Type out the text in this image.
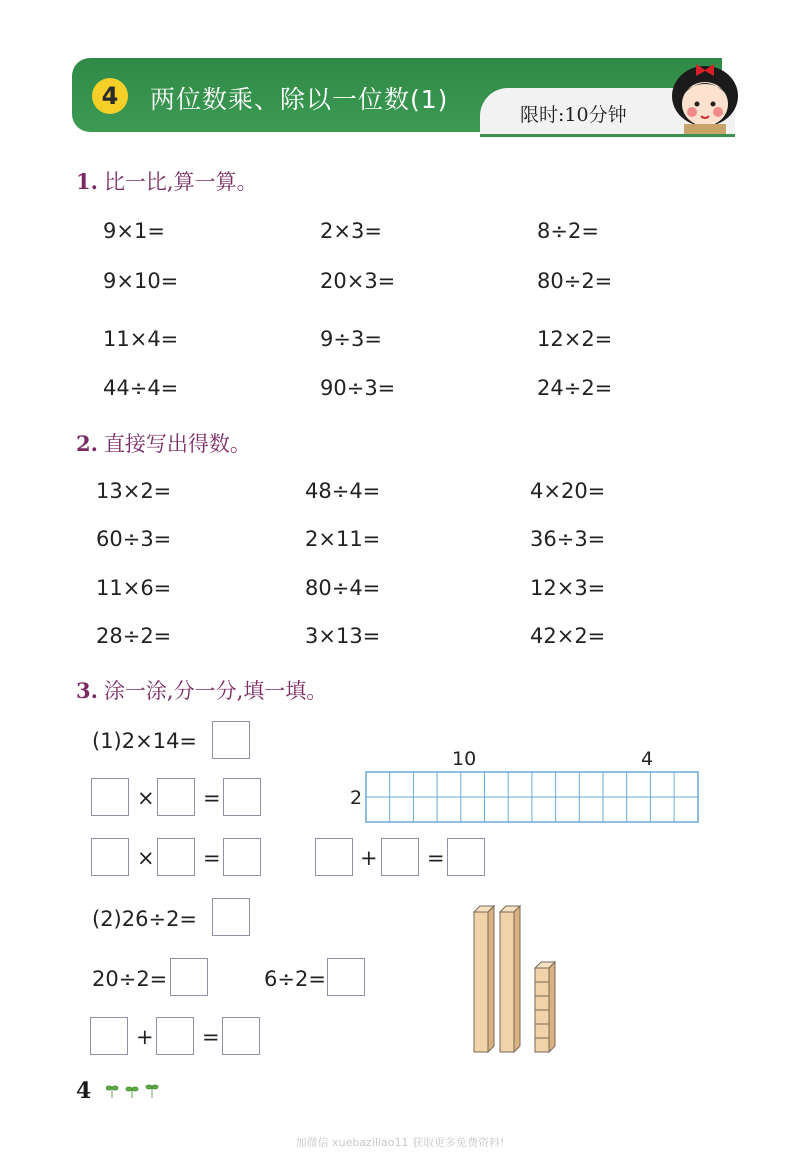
4	两位数乘、除以一位数(1)
限时:10分钟
1. 比一比,算一算。
9×1=	2×3=	8÷2=
9×10=	20×3=	80÷2=
11×4=	9÷3=	12×2=
44÷4=	90÷3=	24÷2=
2. 直接写出得数。
13×2=	48÷4=	4×20=
60÷3=	2×11=	36÷3=
11×6=	80÷4=	12×3=
28÷2=	3×13=	42×2=
3. 涂一涂,分一分,填一填。
(1)2×14=
× =
× =	+ =
10	4
2
(2)26÷2=
20÷2=	6÷2=
+ =
4
加微信 xuebaziliao11 获取更多免费资料!
